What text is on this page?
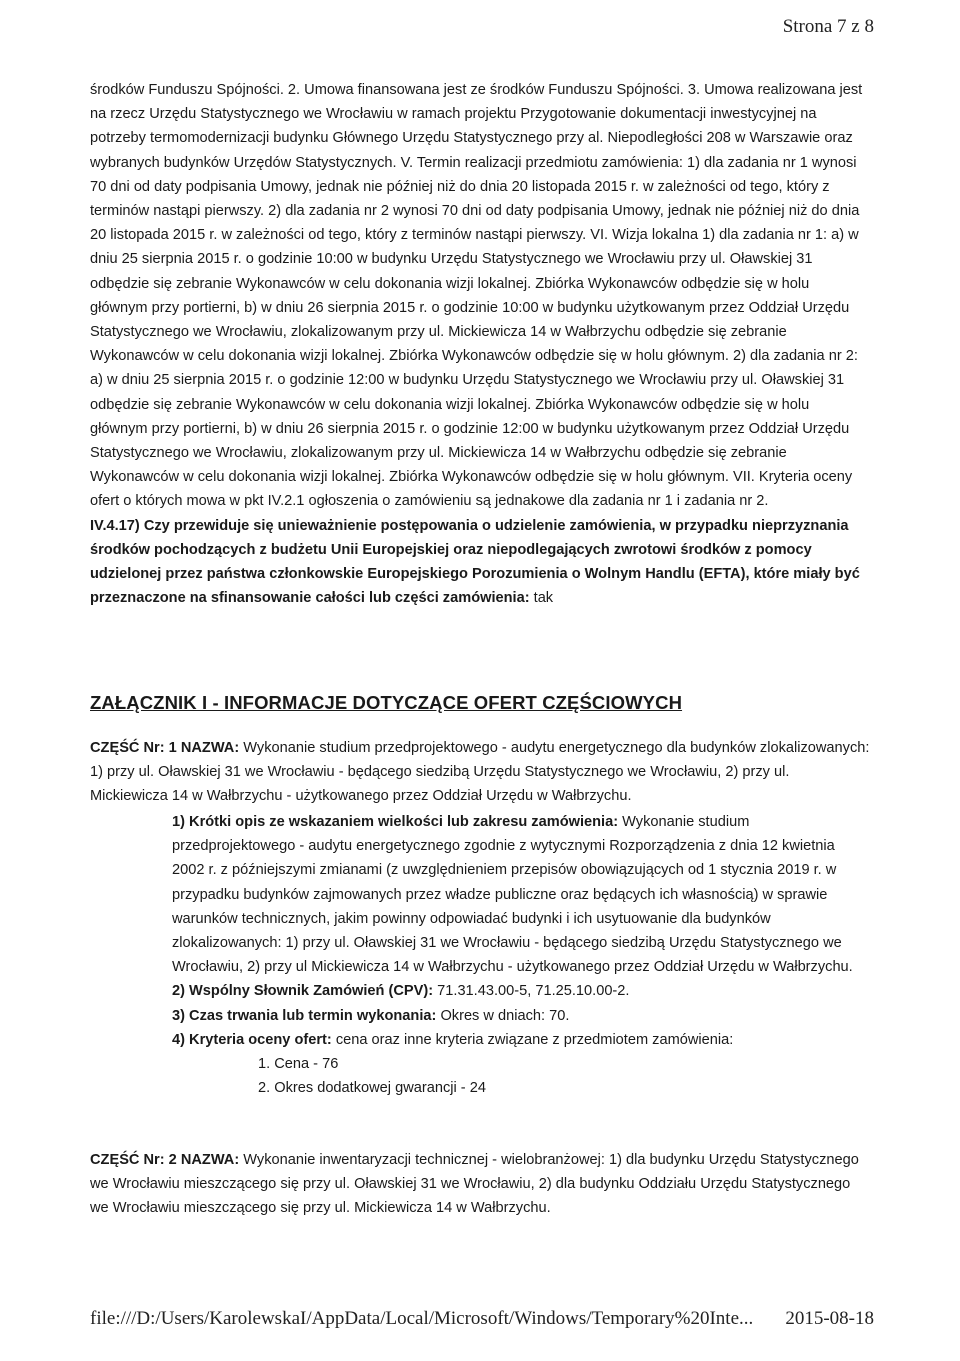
Strona 7 z 8

środków Funduszu Spójności. 2. Umowa finansowana jest ze środków Funduszu Spójności. 3. Umowa realizowana jest na rzecz Urzędu Statystycznego we Wrocławiu w ramach projektu Przygotowanie dokumentacji inwestycyjnej na potrzeby termomodernizacji budynku Głównego Urzędu Statystycznego przy al. Niepodległości 208 w Warszawie oraz wybranych budynków Urzędów Statystycznych. V. Termin realizacji przedmiotu zamówienia: 1) dla zadania nr 1 wynosi 70 dni od daty podpisania Umowy, jednak nie później niż do dnia 20 listopada 2015 r. w zależności od tego, który z terminów nastąpi pierwszy. 2) dla zadania nr 2 wynosi 70 dni od daty podpisania Umowy, jednak nie później niż do dnia 20 listopada 2015 r. w zależności od tego, który z terminów nastąpi pierwszy. VI. Wizja lokalna 1) dla zadania nr 1: a) w dniu 25 sierpnia 2015 r. o godzinie 10:00 w budynku Urzędu Statystycznego we Wrocławiu przy ul. Oławskiej 31 odbędzie się zebranie Wykonawców w celu dokonania wizji lokalnej. Zbiórka Wykonawców odbędzie się w holu głównym przy portierni, b) w dniu 26 sierpnia 2015 r. o godzinie 10:00 w budynku użytkowanym przez Oddział Urzędu Statystycznego we Wrocławiu, zlokalizowanym przy ul. Mickiewicza 14 w Wałbrzychu odbędzie się zebranie Wykonawców w celu dokonania wizji lokalnej. Zbiórka Wykonawców odbędzie się w holu głównym. 2) dla zadania nr 2: a) w dniu 25 sierpnia 2015 r. o godzinie 12:00 w budynku Urzędu Statystycznego we Wrocławiu przy ul. Oławskiej 31 odbędzie się zebranie Wykonawców w celu dokonania wizji lokalnej. Zbiórka Wykonawców odbędzie się w holu głównym przy portierni, b) w dniu 26 sierpnia 2015 r. o godzinie 12:00 w budynku użytkowanym przez Oddział Urzędu Statystycznego we Wrocławiu, zlokalizowanym przy ul. Mickiewicza 14 w Wałbrzychu odbędzie się zebranie Wykonawców w celu dokonania wizji lokalnej. Zbiórka Wykonawców odbędzie się w holu głównym. VII. Kryteria oceny ofert o których mowa w pkt IV.2.1 ogłoszenia o zamówieniu są jednakowe dla zadania nr 1 i zadania nr 2.

IV.4.17) Czy przewiduje się unieważnienie postępowania o udzielenie zamówienia, w przypadku nieprzyznania środków pochodzących z budżetu Unii Europejskiej oraz niepodlegających zwrotowi środków z pomocy udzielonej przez państwa członkowskie Europejskiego Porozumienia o Wolnym Handlu (EFTA), które miały być przeznaczone na sfinansowanie całości lub części zamówienia: tak

ZAŁĄCZNIK I - INFORMACJE DOTYCZĄCE OFERT CZĘŚCIOWYCH
CZĘŚĆ Nr: 1 NAZWA: Wykonanie studium przedprojektowego - audytu energetycznego dla budynków zlokalizowanych: 1) przy ul. Oławskiej 31 we Wrocławiu - będącego siedzibą Urzędu Statystycznego we Wrocławiu, 2) przy ul. Mickiewicza 14 w Wałbrzychu - użytkowanego przez Oddział Urzędu w Wałbrzychu.

1) Krótki opis ze wskazaniem wielkości lub zakresu zamówienia: Wykonanie studium przedprojektowego - audytu energetycznego zgodnie z wytycznymi Rozporządzenia z dnia 12 kwietnia 2002 r. z późniejszymi zmianami (z uwzględnieniem przepisów obowiązujących od 1 stycznia 2019 r. w przypadku budynków zajmowanych przez władze publiczne oraz będących ich własnością) w sprawie warunków technicznych, jakim powinny odpowiadać budynki i ich usytuowanie dla budynków zlokalizowanych: 1) przy ul. Oławskiej 31 we Wrocławiu - będącego siedzibą Urzędu Statystycznego we Wrocławiu, 2) przy ul Mickiewicza 14 w Wałbrzychu - użytkowanego przez Oddział Urzędu w Wałbrzychu.

2) Wspólny Słownik Zamówień (CPV): 71.31.43.00-5, 71.25.10.00-2.

3) Czas trwania lub termin wykonania: Okres w dniach: 70.

4) Kryteria oceny ofert: cena oraz inne kryteria związane z przedmiotem zamówienia:

1. Cena - 76
2. Okres dodatkowej gwarancji - 24
CZĘŚĆ Nr: 2 NAZWA: Wykonanie inwentaryzacji technicznej - wielobranżowej: 1) dla budynku Urzędu Statystycznego we Wrocławiu mieszczącego się przy ul. Oławskiej 31 we Wrocławiu, 2) dla budynku Oddziału Urzędu Statystycznego we Wrocławiu mieszczącego się przy ul. Mickiewicza 14 w Wałbrzychu.
file:///D:/Users/KarolewskaI/AppData/Local/Microsoft/Windows/Temporary%20Inte... 2015-08-18
